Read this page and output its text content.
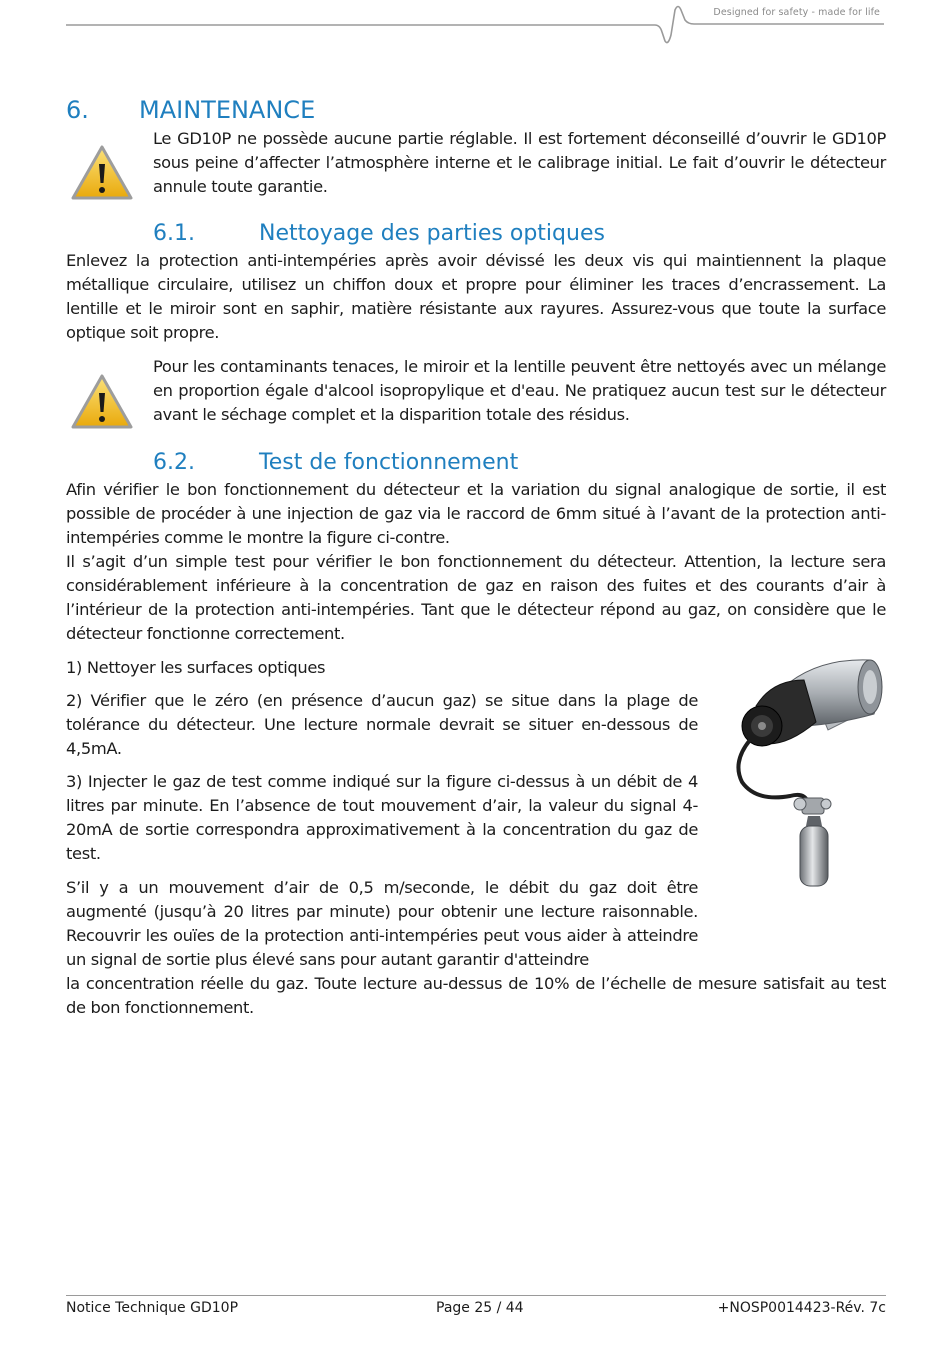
Designed for safety - made for life
6. MAINTENANCE

Le GD10P ne possède aucune partie réglable. Il est fortement déconseillé d’ouvrir le GD10P sous peine d’affecter l’atmosphère interne et le calibrage initial. Le fait d’ouvrir le détecteur annule toute garantie.

6.1.	Nettoyage des parties optiques

Enlevez la protection anti-intempéries après avoir dévissé les deux vis qui maintiennent la plaque métallique circulaire, utilisez un chiffon doux et propre pour éliminer les traces d’encrassement. La lentille et le miroir sont en saphir, matière résistante aux rayures. Assurez-vous que toute la surface optique soit propre.

Pour les contaminants tenaces, le miroir et la lentille peuvent être nettoyés avec un mélange en proportion égale d'alcool isopropylique et d'eau. Ne pratiquez aucun test sur le détecteur avant le séchage complet et la disparition totale des résidus.

6.2.	Test de fonctionnement

Afin vérifier le bon fonctionnement du détecteur et la variation du signal analogique de sortie, il est possible de procéder à une injection de gaz via le raccord de 6mm situé à l’avant de la protection anti-intempéries comme le montre la figure ci-contre.

Il s’agit d’un simple test pour vérifier le bon fonctionnement du détecteur. Attention, la lecture sera considérablement inférieure à la concentration de gaz en raison des fuites et des courants d’air à l’intérieur de la protection anti-intempéries. Tant que le détecteur répond au gaz, on considère que le détecteur fonctionne correctement.

1) Nettoyer les surfaces optiques

2) Vérifier que le zéro (en présence d’aucun gaz) se situe dans la plage de tolérance du détecteur. Une lecture normale devrait se situer en-dessous de 4,5mA.

3) Injecter le gaz de test comme indiqué sur la figure ci-dessus à un débit de 4 litres par minute. En l’absence de tout mouvement d’air, la valeur du signal 4-20mA de sortie correspondra approximativement à la concentration du gaz de test.

S’il y a un mouvement d’air de 0,5 m/seconde, le débit du gaz doit être augmenté (jusqu’à 20 litres par minute) pour obtenir une lecture raisonnable. Recouvrir les ouïes de la protection anti-intempéries peut vous aider à atteindre un signal de sortie plus élevé sans pour autant garantir d'atteindre

la concentration réelle du gaz. Toute lecture au-dessus de 10% de l’échelle de mesure satisfait au test de bon fonctionnement.

Notice Technique GD10P	Page 25 / 44	+NOSP0014423-Rév. 7c
